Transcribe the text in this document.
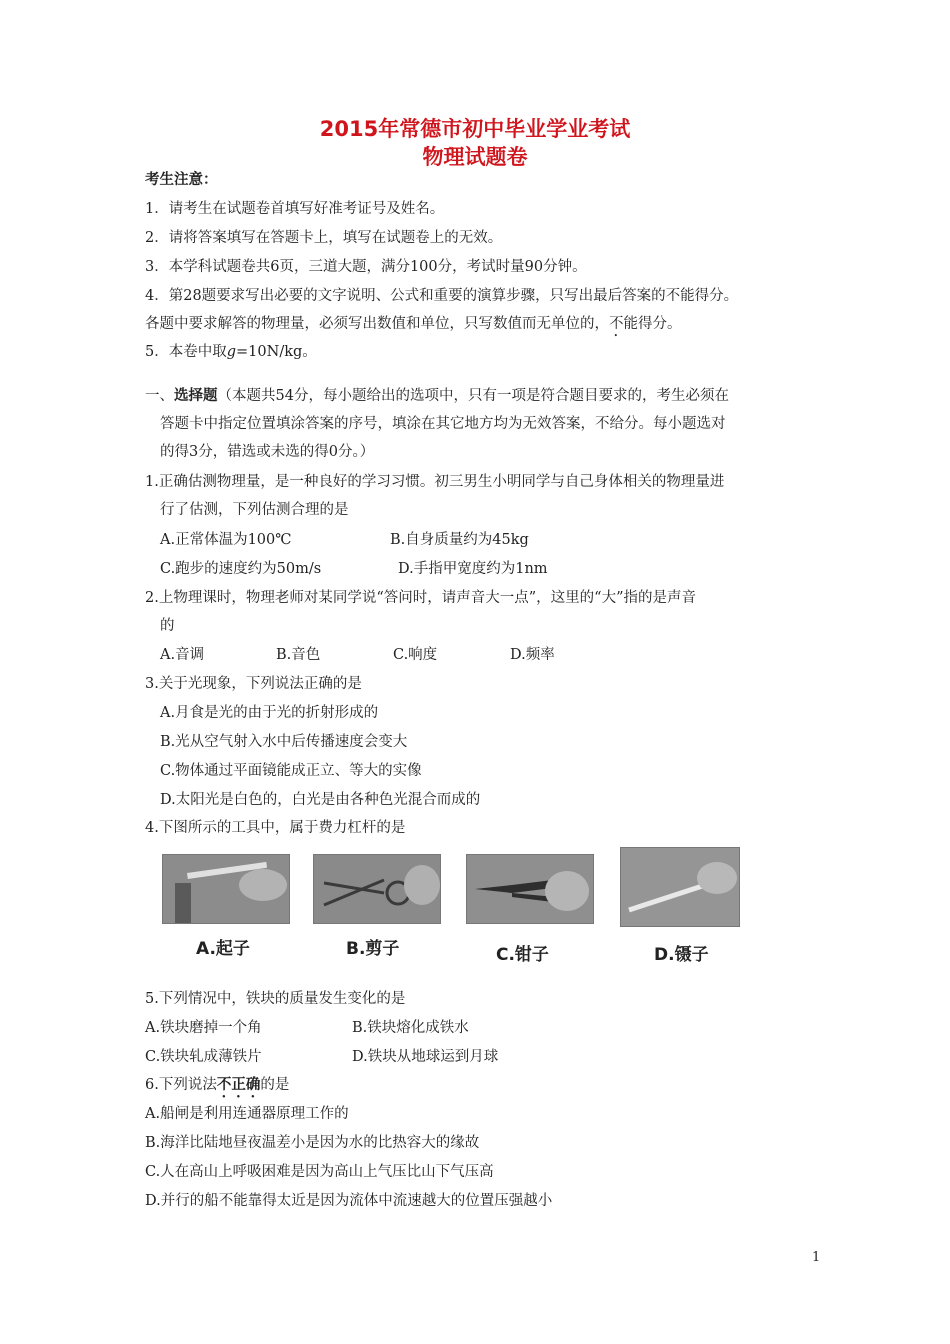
2015年常德市初中毕业学业考试
物理试题卷
考生注意：
1．请考生在试题卷首填写好准考证号及姓名。
2．请将答案填写在答题卡上，填写在试题卷上的无效。
3．本学科试题卷共6页，三道大题，满分100分，考试时量90分钟。
4．第28题要求写出必要的文字说明、公式和重要的演算步骤，只写出最后答案的不能得分。
各题中要求解答的物理量，必须写出数值和单位，只写数值而无单位的，不能得分。
5．本卷中取g=10N/kg。
一、选择题（本题共54分，每小题给出的选项中，只有一项是符合题目要求的，考生必须在
答题卡中指定位置填涂答案的序号，填涂在其它地方均为无效答案，不给分。每小题选对
的得3分，错选或未选的得0分。）
1.正确估测物理量，是一种良好的学习习惯。初三男生小明同学与自己身体相关的物理量进
行了估测，下列估测合理的是
A.正常体温为100℃	B.自身质量约为45kg
C.跑步的速度约为50m/s	D.手指甲宽度约为1nm
2.上物理课时，物理老师对某同学说“答问时，请声音大一点”，这里的“大”指的是声音
的
A.音调	B.音色	C.响度	D.频率
3.关于光现象，下列说法正确的是
A.月食是光的由于光的折射形成的
B.光从空气射入水中后传播速度会变大
C.物体通过平面镜能成正立、等大的实像
D.太阳光是白色的，白光是由各种色光混合而成的
4.下图所示的工具中，属于费力杠杆的是
A.起子	B.剪子	C.钳子	D.镊子
5.下列情况中，铁块的质量发生变化的是
A.铁块磨掉一个角	B.铁块熔化成铁水
C.铁块轧成薄铁片	D.铁块从地球运到月球
6.下列说法不正确的是
A.船闸是利用连通器原理工作的
B.海洋比陆地昼夜温差小是因为水的比热容大的缘故
C.人在高山上呼吸困难是因为高山上气压比山下气压高
D.并行的船不能靠得太近是因为流体中流速越大的位置压强越小
1
